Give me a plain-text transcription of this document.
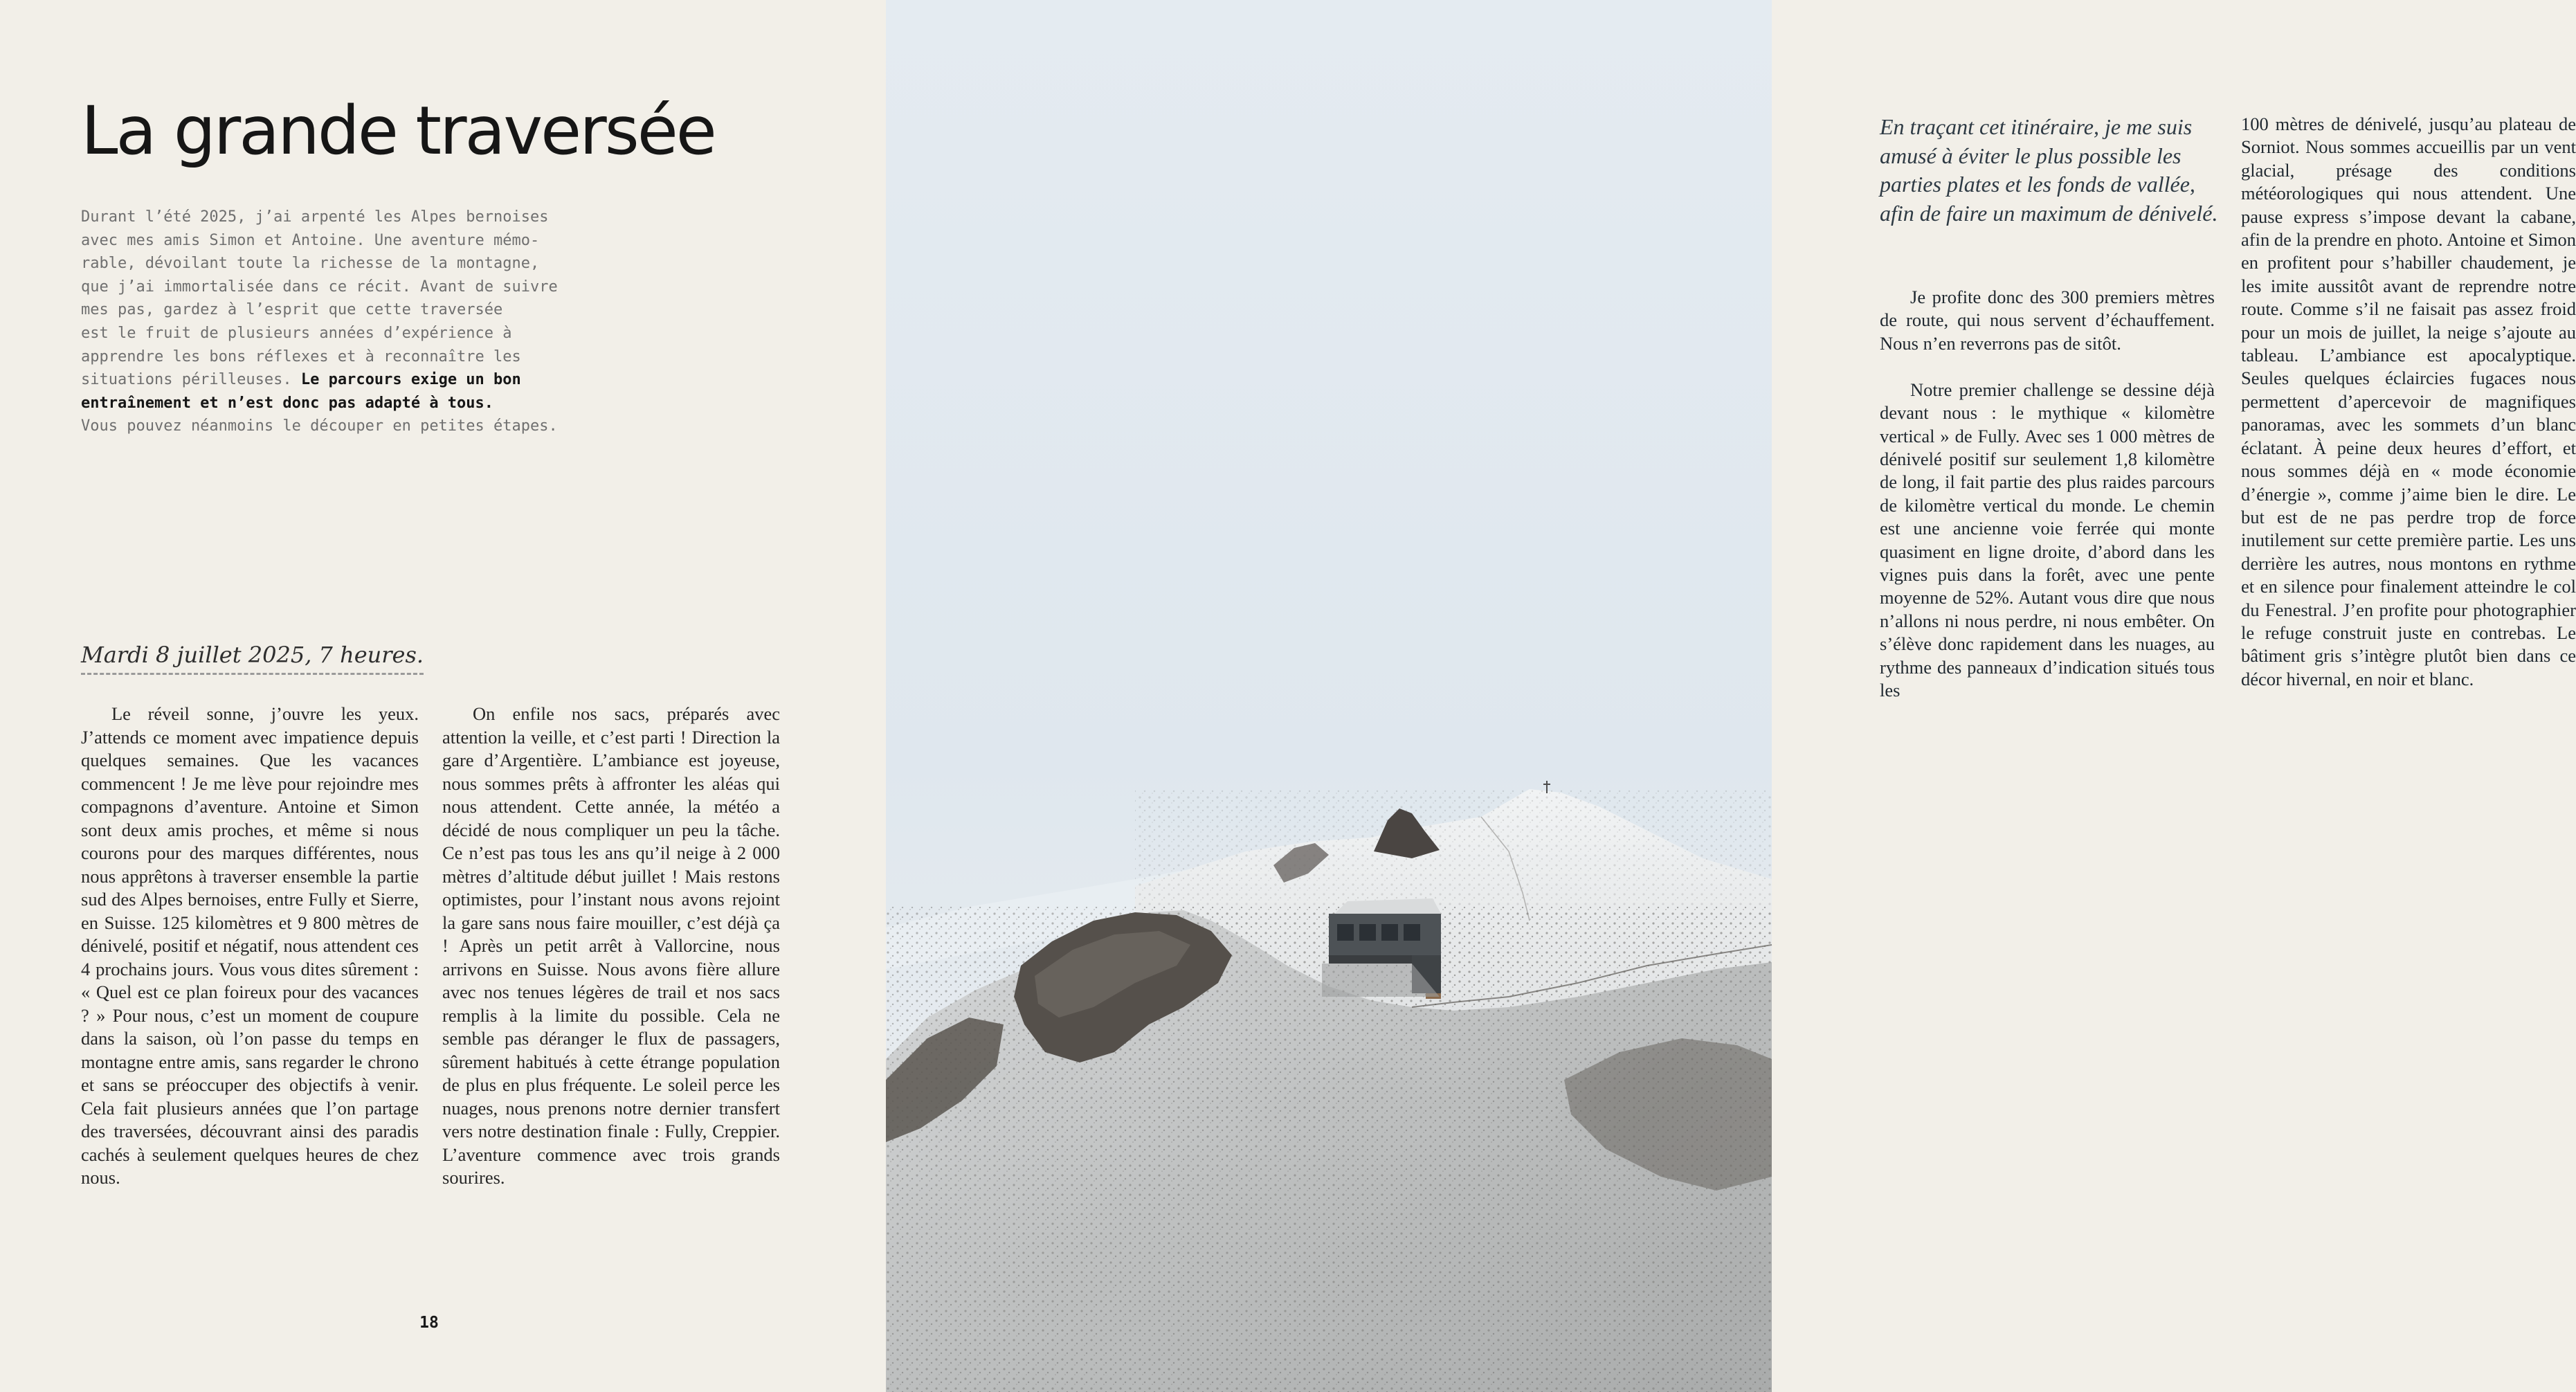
La grande traversée
Durant l’été 2025, j’ai arpenté les Alpes bernoises
avec mes amis Simon et Antoine. Une aventure mémo-
rable, dévoilant toute la richesse de la montagne,
que j’ai immortalisée dans ce récit. Avant de suivre
mes pas, gardez à l’esprit que cette traversée
est le fruit de plusieurs années d’expérience à
apprendre les bons réflexes et à reconnaître les
situations périlleuses. Le parcours exige un bon
entraînement et n’est donc pas adapté à tous.
Vous pouvez néanmoins le découper en petites étapes.
Mardi 8 juillet 2025, 7 heures.

Le réveil sonne, j’ouvre les yeux. J’attends ce moment avec impatience depuis quelques semaines. Que les vacances commencent ! Je me lève pour rejoindre mes compagnons d’aventure. Antoine et Simon sont deux amis proches, et même si nous courons pour des marques différentes, nous nous apprêtons à traverser ensemble la partie sud des Alpes bernoises, entre Fully et Sierre, en Suisse. 125 kilomètres et 9 800 mètres de dénivelé, positif et négatif, nous attendent ces 4 prochains jours. Vous vous dites sûrement : « Quel est ce plan foireux pour des vacances ? » Pour nous, c’est un moment de coupure dans la saison, où l’on passe du temps en montagne entre amis, sans regarder le chrono et sans se préoccuper des objectifs à venir. Cela fait plusieurs années que l’on partage des traversées, découvrant ainsi des paradis cachés à seulement quelques heures de chez nous.

On enfile nos sacs, préparés avec attention la veille, et c’est parti ! Direction la gare d’Argentière. L’ambiance est joyeuse, nous sommes prêts à affronter les aléas qui nous attendent. Cette année, la météo a décidé de nous compliquer un peu la tâche. Ce n’est pas tous les ans qu’il neige à 2 000 mètres d’altitude début juillet ! Mais restons optimistes, pour l’instant nous avons rejoint la gare sans nous faire mouiller, c’est déjà ça ! Après un petit arrêt à Vallorcine, nous arrivons en Suisse. Nous avons fière allure avec nos tenues légères de trail et nos sacs remplis à la limite du possible. Cela ne semble pas déranger le flux de passagers, sûrement habitués à cette étrange population de plus en plus fréquente. Le soleil perce les nuages, nous prenons notre dernier transfert vers notre destination finale : Fully, Creppier. L’aventure commence avec trois grands sourires.

18

En traçant cet itinéraire, je me suis amusé à éviter le plus possible les parties plates et les fonds de vallée, afin de faire un maximum de dénivelé.

Je profite donc des 300 premiers mètres de route, qui nous servent d’échauffement. Nous n’en reverrons pas de sitôt.

Notre premier challenge se dessine déjà devant nous : le mythique « kilomètre vertical » de Fully. Avec ses 1 000 mètres de dénivelé positif sur seulement 1,8 kilomètre de long, il fait partie des plus raides parcours de kilomètre vertical du monde. Le chemin est une ancienne voie ferrée qui monte quasiment en ligne droite, d’abord dans les vignes puis dans la forêt, avec une pente moyenne de 52%. Autant vous dire que nous n’allons ni nous perdre, ni nous embêter. On s’élève donc rapidement dans les nuages, au rythme des panneaux d’indication situés tous les

100 mètres de dénivelé, jusqu’au plateau de Sorniot. Nous sommes accueillis par un vent glacial, présage des conditions météorologiques qui nous attendent. Une pause express s’impose devant la cabane, afin de la prendre en photo. Antoine et Simon en profitent pour s’habiller chaudement, je les imite aussitôt avant de reprendre notre route. Comme s’il ne faisait pas assez froid pour un mois de juillet, la neige s’ajoute au tableau. L’ambiance est apocalyptique. Seules quelques éclaircies fugaces nous permettent d’apercevoir de magnifiques panoramas, avec les sommets d’un blanc éclatant. À peine deux heures d’effort, et nous sommes déjà en « mode économie d’énergie », comme j’aime bien le dire. Le but est de ne pas perdre trop de force inutilement sur cette première partie. Les uns derrière les autres, nous montons en rythme et en silence pour finalement atteindre le col du Fenestral. J’en profite pour photographier le refuge construit juste en contrebas. Le bâtiment gris s’intègre plutôt bien dans ce décor hivernal, en noir et blanc.
